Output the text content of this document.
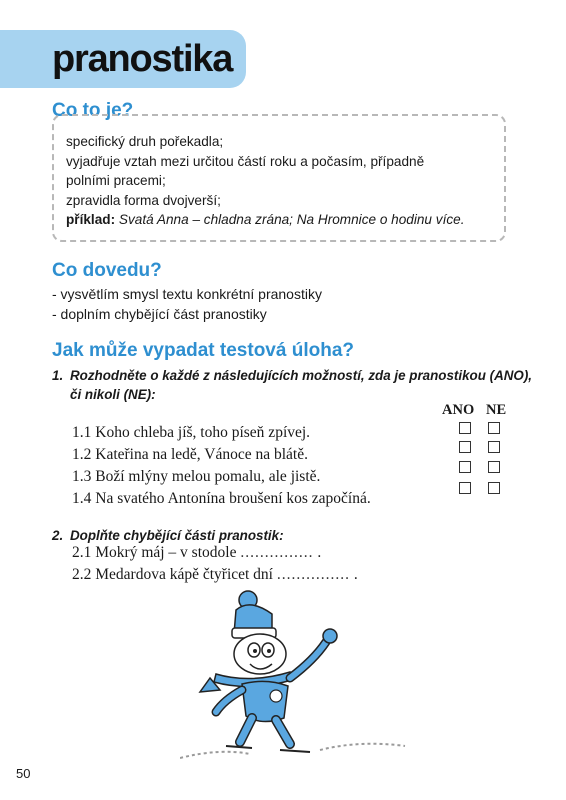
pranostika
Co to je?
specifický druh pořekadla;
vyjadřuje vztah mezi určitou částí roku a počasím, případně
polními pracemi;
zpravidla forma dvojverší;
příklad: Svatá Anna – chladna zrána; Na Hromnice o hodinu více.
Co dovedu?
- vysvětlím smysl textu konkrétní pranostiky
- doplním chybějící část pranostiky
Jak může vypadat testová úloha?
1. Rozhodněte o každé z následujících možností, zda je pranostikou (ANO),
či nikoli (NE):
ANO NE
1.1 Koho chleba jíš, toho píseň zpívej.
1.2 Kateřina na ledě, Vánoce na blátě.
1.3 Boží mlýny melou pomalu, ale jistě.
1.4 Na svatého Antonína broušení kos započíná.
2. Doplňte chybějící části pranostik:
2.1 Mokrý máj – v stodole ............... .
2.2 Medardova kápě čtyřicet dní ............... .
50
